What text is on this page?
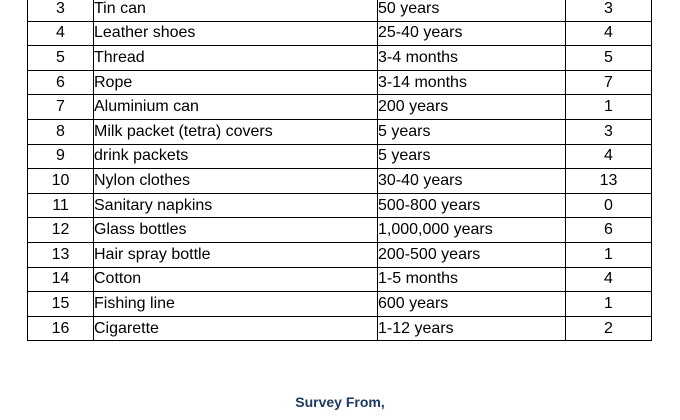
3	Tin can	50 years	3
4	Leather shoes	25-40 years	4
5	Thread	3-4 months	5
6	Rope	3-14 months	7
7	Aluminium can	200 years	1
8	Milk packet (tetra) covers	5 years	3
9	drink packets	5 years	4
10	Nylon clothes	30-40 years	13
11	Sanitary napkins	500-800 years	0
12	Glass bottles	1,000,000 years	6
13	Hair spray bottle	200-500 years	1
14	Cotton	1-5 months	4
15	Fishing line	600 years	1
16	Cigarette	1-12 years	2
Survey From,
